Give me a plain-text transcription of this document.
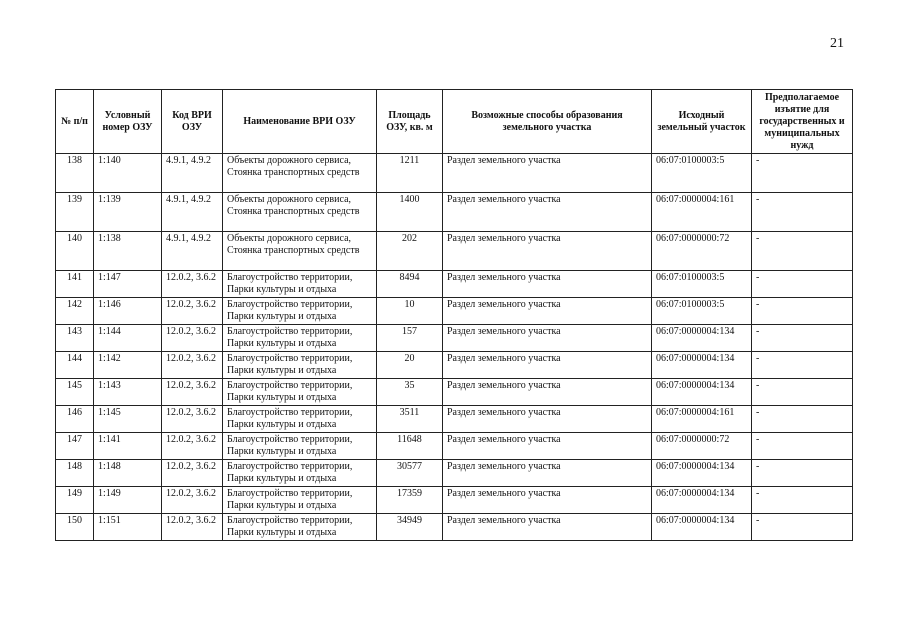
21
№ п/п	Условный номер ОЗУ	Код ВРИ ОЗУ	Наименование ВРИ ОЗУ	Площадь ОЗУ, кв. м	Возможные способы образования земельного участка	Исходный земельный участок	Предполагаемое изъятие для государственных и муниципальных нужд
138	1:140	4.9.1, 4.9.2	Объекты дорожного сервиса, Стоянка транспортных средств	1211	Раздел земельного участка	06:07:0100003:5	-
139	1:139	4.9.1, 4.9.2	Объекты дорожного сервиса, Стоянка транспортных средств	1400	Раздел земельного участка	06:07:0000004:161	-
140	1:138	4.9.1, 4.9.2	Объекты дорожного сервиса, Стоянка транспортных средств	202	Раздел земельного участка	06:07:0000000:72	-
141	1:147	12.0.2, 3.6.2	Благоустройство территории, Парки культуры и отдыха	8494	Раздел земельного участка	06:07:0100003:5	-
142	1:146	12.0.2, 3.6.2	Благоустройство территории, Парки культуры и отдыха	10	Раздел земельного участка	06:07:0100003:5	-
143	1:144	12.0.2, 3.6.2	Благоустройство территории, Парки культуры и отдыха	157	Раздел земельного участка	06:07:0000004:134	-
144	1:142	12.0.2, 3.6.2	Благоустройство территории, Парки культуры и отдыха	20	Раздел земельного участка	06:07:0000004:134	-
145	1:143	12.0.2, 3.6.2	Благоустройство территории, Парки культуры и отдыха	35	Раздел земельного участка	06:07:0000004:134	-
146	1:145	12.0.2, 3.6.2	Благоустройство территории, Парки культуры и отдыха	3511	Раздел земельного участка	06:07:0000004:161	-
147	1:141	12.0.2, 3.6.2	Благоустройство территории, Парки культуры и отдыха	11648	Раздел земельного участка	06:07:0000000:72	-
148	1:148	12.0.2, 3.6.2	Благоустройство территории, Парки культуры и отдыха	30577	Раздел земельного участка	06:07:0000004:134	-
149	1:149	12.0.2, 3.6.2	Благоустройство территории, Парки культуры и отдыха	17359	Раздел земельного участка	06:07:0000004:134	-
150	1:151	12.0.2, 3.6.2	Благоустройство территории, Парки культуры и отдыха	34949	Раздел земельного участка	06:07:0000004:134	-
